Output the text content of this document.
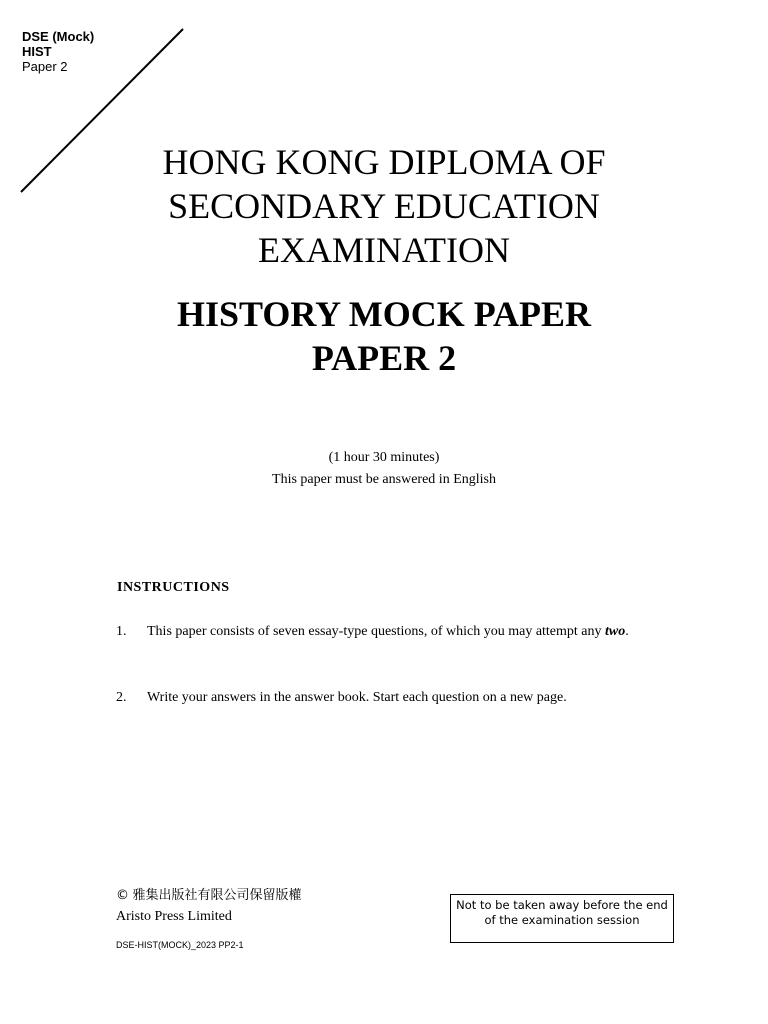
DSE (Mock)
HIST
Paper 2
HONG KONG DIPLOMA OF
SECONDARY EDUCATION
EXAMINATION
HISTORY MOCK PAPER
PAPER 2
(1 hour 30 minutes)
This paper must be answered in English
INSTRUCTIONS
1. This paper consists of seven essay-type questions, of which you may attempt any two.
2. Write your answers in the answer book. Start each question on a new page.
© 雅集出版社有限公司保留版權
Aristo Press Limited
DSE-HIST(MOCK)_2023 PP2-1
Not to be taken away before the end of the examination session
